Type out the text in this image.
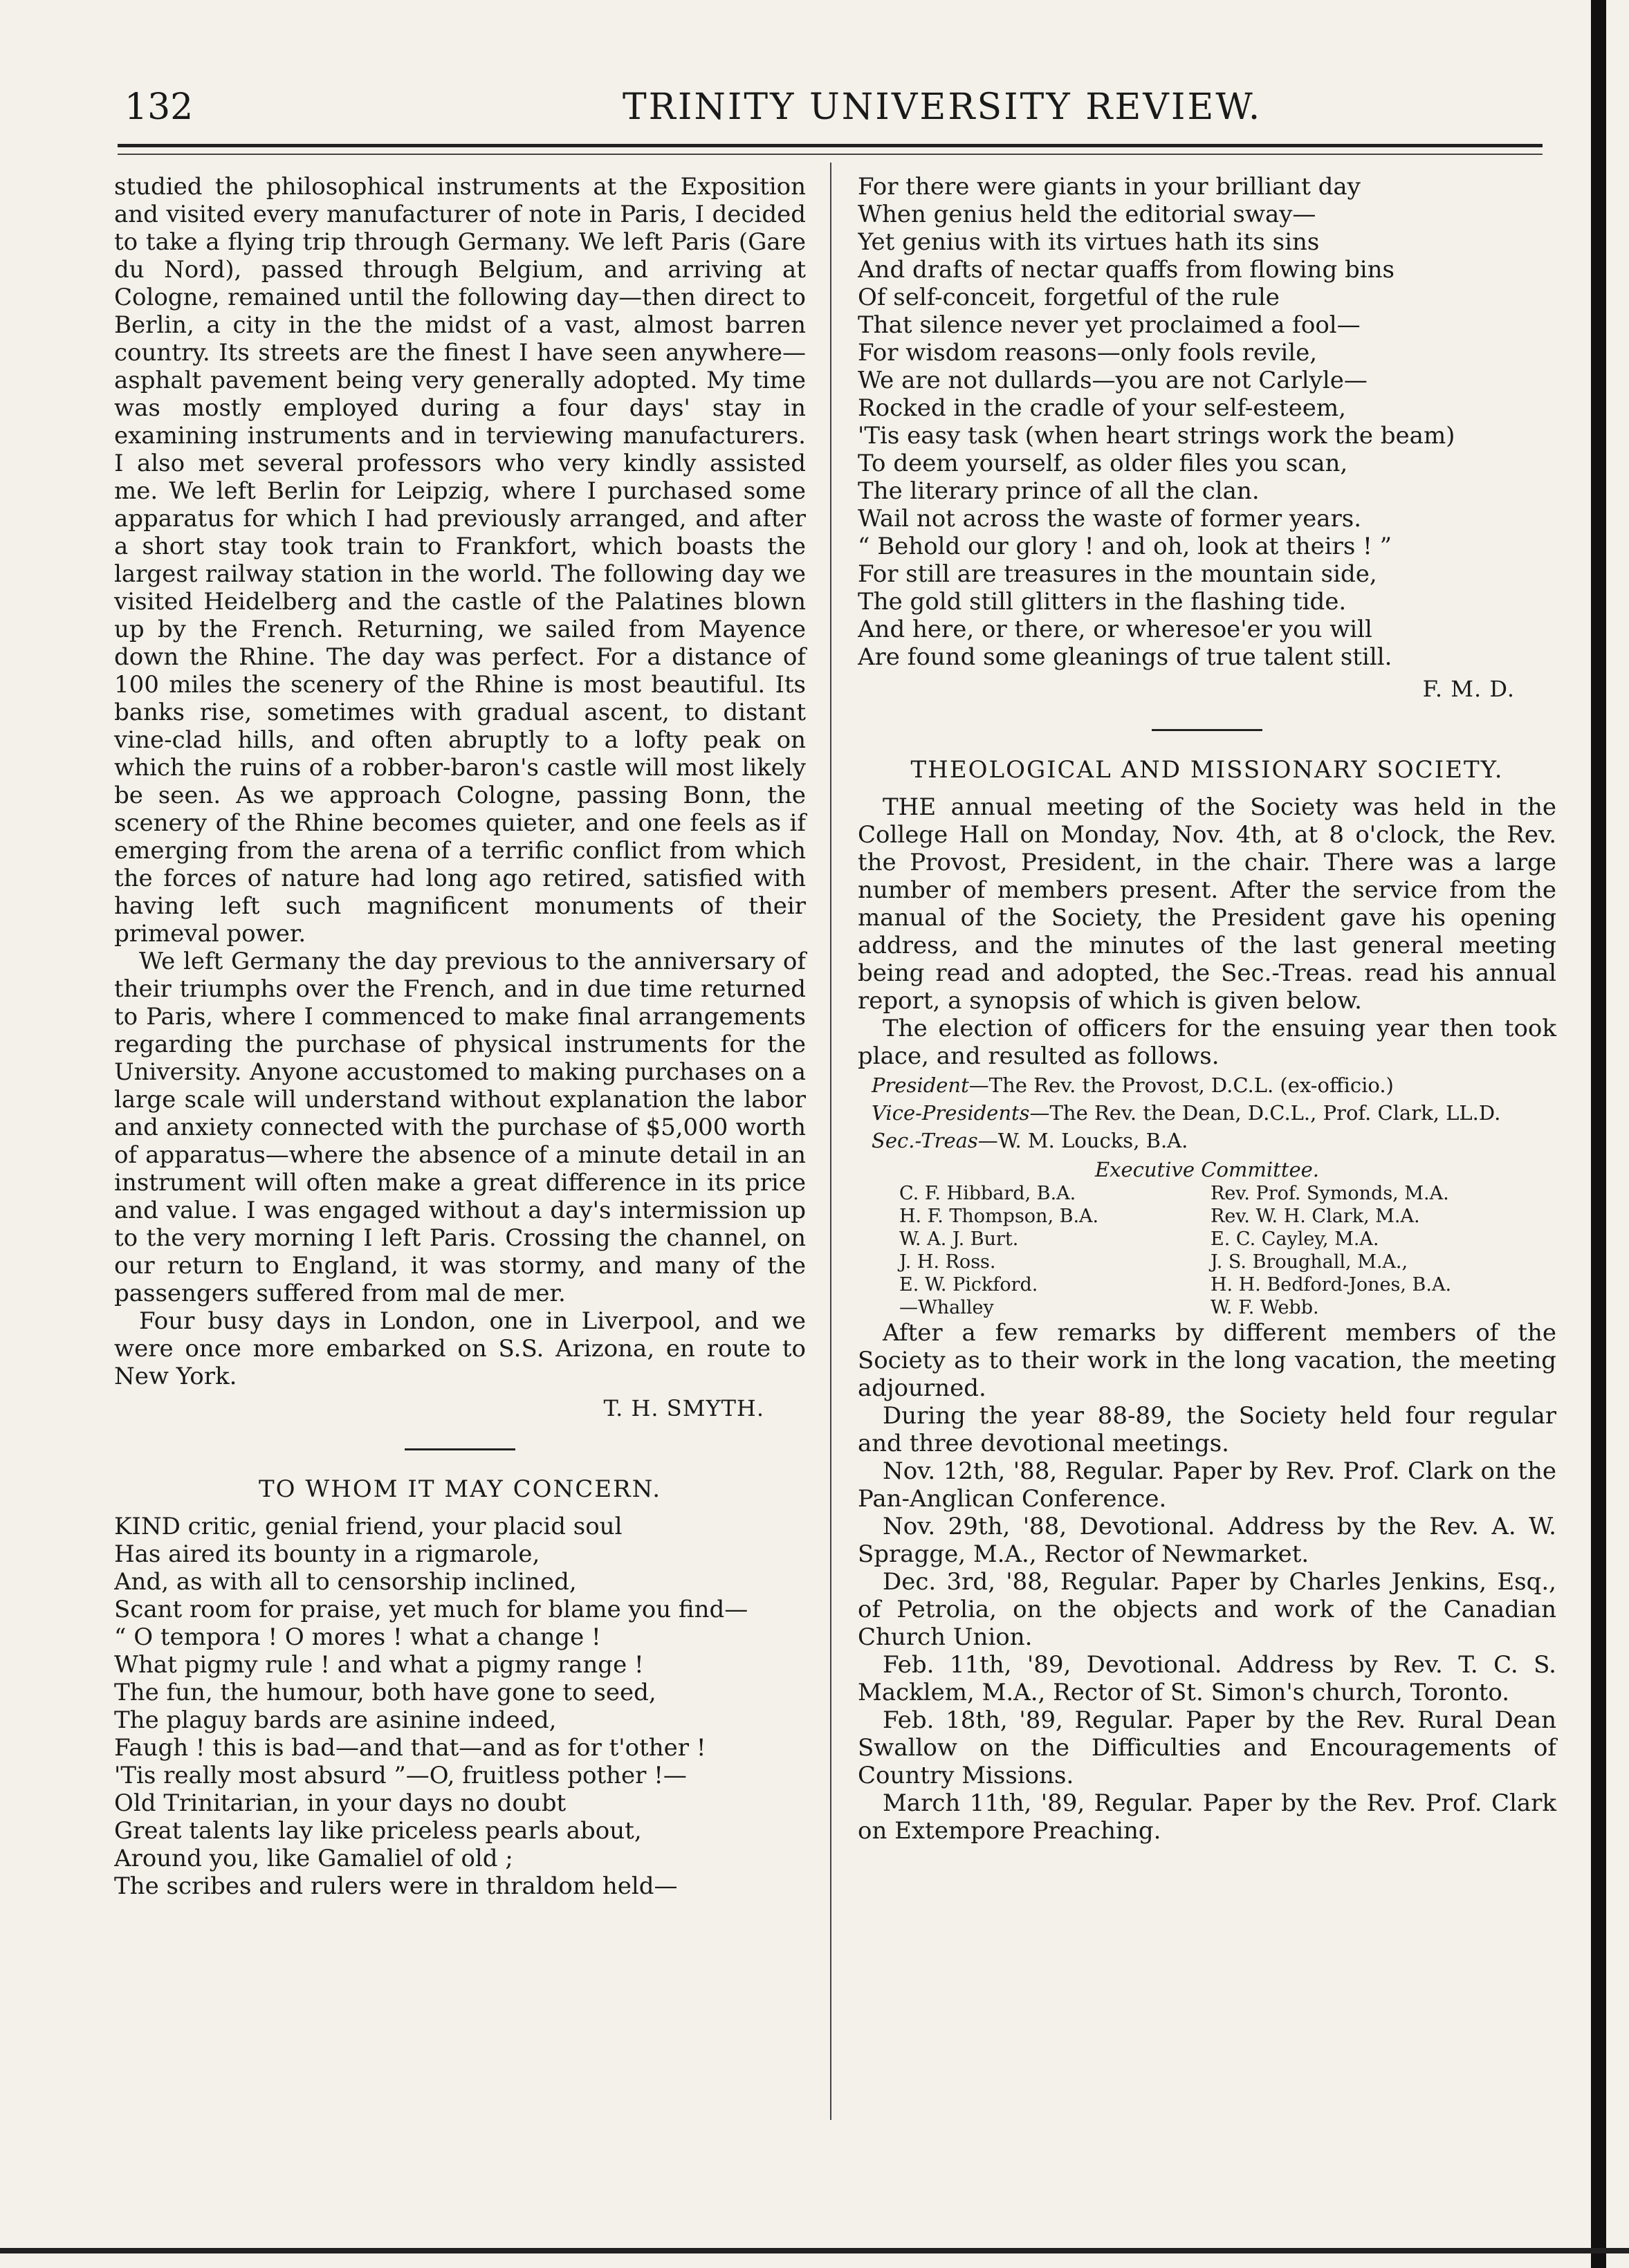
132	TRINITY UNIVERSITY REVIEW.

studied the philosophical instruments at the Exposition and visited every manufacturer of note in Paris, I decided to take a flying trip through Germany. We left Paris (Gare du Nord), passed through Belgium, and arriving at Cologne, remained until the following day—then direct to Berlin, a city in the the midst of a vast, almost barren country. Its streets are the finest I have seen anywhere—asphalt pavement being very generally adopted. My time was mostly employed during a four days' stay in examining instruments and in terviewing manufacturers. I also met several professors who very kindly assisted me. We left Berlin for Leipzig, where I purchased some apparatus for which I had previously arranged, and after a short stay took train to Frankfort, which boasts the largest railway station in the world. The following day we visited Heidelberg and the castle of the Palatines blown up by the French. Returning, we sailed from Mayence down the Rhine. The day was perfect. For a distance of 100 miles the scenery of the Rhine is most beautiful. Its banks rise, sometimes with gradual ascent, to distant vine-clad hills, and often abruptly to a lofty peak on which the ruins of a robber-baron's castle will most likely be seen. As we approach Cologne, passing Bonn, the scenery of the Rhine becomes quieter, and one feels as if emerging from the arena of a terrific conflict from which the forces of nature had long ago retired, satisfied with having left such magnificent monuments of their primeval power.

We left Germany the day previous to the anniversary of their triumphs over the French, and in due time returned to Paris, where I commenced to make final arrangements regarding the purchase of physical instruments for the University. Anyone accustomed to making purchases on a large scale will understand without explanation the labor and anxiety connected with the purchase of $5,000 worth of apparatus—where the absence of a minute detail in an instrument will often make a great difference in its price and value. I was engaged without a day's intermission up to the very morning I left Paris. Crossing the channel, on our return to England, it was stormy, and many of the passengers suffered from mal de mer.

Four busy days in London, one in Liverpool, and we were once more embarked on S.S. Arizona, en route to New York.

T. H. SMYTH.
TO WHOM IT MAY CONCERN.
KIND critic, genial friend, your placid soul
Has aired its bounty in a rigmarole,
And, as with all to censorship inclined,
Scant room for praise, yet much for blame you find—
“ O tempora ! O mores ! what a change !
What pigmy rule ! and what a pigmy range !
The fun, the humour, both have gone to seed,
The plaguy bards are asinine indeed,
Faugh ! this is bad—and that—and as for t'other !
'Tis really most absurd ”—O, fruitless pother !—
Old Trinitarian, in your days no doubt
Great talents lay like priceless pearls about,
Around you, like Gamaliel of old ;
The scribes and rulers were in thraldom held—
For there were giants in your brilliant day
When genius held the editorial sway—
Yet genius with its virtues hath its sins
And drafts of nectar quaffs from flowing bins
Of self-conceit, forgetful of the rule
That silence never yet proclaimed a fool—
For wisdom reasons—only fools revile,
We are not dullards—you are not Carlyle—
Rocked in the cradle of your self-esteem,
'Tis easy task (when heart strings work the beam)
To deem yourself, as older files you scan,
The literary prince of all the clan.
Wail not across the waste of former years.
“ Behold our glory ! and oh, look at theirs ! ”
For still are treasures in the mountain side,
The gold still glitters in the flashing tide.
And here, or there, or wheresoe'er you will
Are found some gleanings of true talent still.
F. M. D.
THEOLOGICAL AND MISSIONARY SOCIETY.

THE annual meeting of the Society was held in the College Hall on Monday, Nov. 4th, at 8 o'clock, the Rev. the Provost, President, in the chair. There was a large number of members present. After the service from the manual of the Society, the President gave his opening address, and the minutes of the last general meeting being read and adopted, the Sec.-Treas. read his annual report, a synopsis of which is given below.

The election of officers for the ensuing year then took place, and resulted as follows.

President—The Rev. the Provost, D.C.L. (ex-officio.)
Vice-Presidents—The Rev. the Dean, D.C.L., Prof. Clark, LL.D.
Sec.-Treas—W. M. Loucks, B.A.
Executive Committee.
C. F. Hibbard, B.A.
H. F. Thompson, B.A.
W. A. J. Burt.
J. H. Ross.
E. W. Pickford.
—Whalley
Rev. Prof. Symonds, M.A.
Rev. W. H. Clark, M.A.
E. C. Cayley, M.A.
J. S. Broughall, M.A.,
H. H. Bedford-Jones, B.A.
W. F. Webb.

After a few remarks by different members of the Society as to their work in the long vacation, the meeting adjourned.

During the year 88-89, the Society held four regular and three devotional meetings.

Nov. 12th, '88, Regular. Paper by Rev. Prof. Clark on the Pan-Anglican Conference.

Nov. 29th, '88, Devotional. Address by the Rev. A. W. Spragge, M.A., Rector of Newmarket.

Dec. 3rd, '88, Regular. Paper by Charles Jenkins, Esq., of Petrolia, on the objects and work of the Canadian Church Union.

Feb. 11th, '89, Devotional. Address by Rev. T. C. S. Macklem, M.A., Rector of St. Simon's church, Toronto.

Feb. 18th, '89, Regular. Paper by the Rev. Rural Dean Swallow on the Difficulties and Encouragements of Country Missions.

March 11th, '89, Regular. Paper by the Rev. Prof. Clark on Extempore Preaching.
